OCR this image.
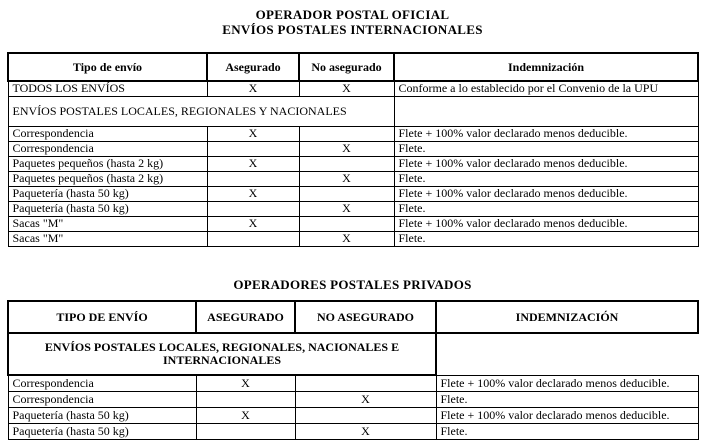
OPERADOR POSTAL OFICIAL
ENVÍOS POSTALES INTERNACIONALES
Tipo de envío	Asegurado	No asegurado	Indemnización
TODOS LOS ENVÍOS	X	X	Conforme a lo establecido por el Convenio de la UPU
ENVÍOS POSTALES LOCALES, REGIONALES Y NACIONALES			
Correspondencia	X		Flete + 100% valor declarado menos deducible.
Correspondencia		X	Flete.
Paquetes pequeños (hasta 2 kg)	X		Flete + 100% valor declarado menos deducible.
Paquetes pequeños (hasta 2 kg)		X	Flete.
Paquetería (hasta 50 kg)	X		Flete + 100% valor declarado menos deducible.
Paquetería (hasta 50 kg)		X	Flete.
Sacas "M"	X		Flete + 100% valor declarado menos deducible.
Sacas "M"		X	Flete.
OPERADORES POSTALES PRIVADOS
ENVÍOS POSTALES LOCALES, REGIONALES, NACIONALES E INTERNACIONALES			
TIPO DE ENVÍO	ASEGURADO	NO ASEGURADO	INDEMNIZACIÓN
Correspondencia	X		Flete + 100% valor declarado menos deducible.
Correspondencia		X	Flete.
Paquetería (hasta 50 kg)	X		Flete + 100% valor declarado menos deducible.
Paquetería (hasta 50 kg)		X	Flete.
